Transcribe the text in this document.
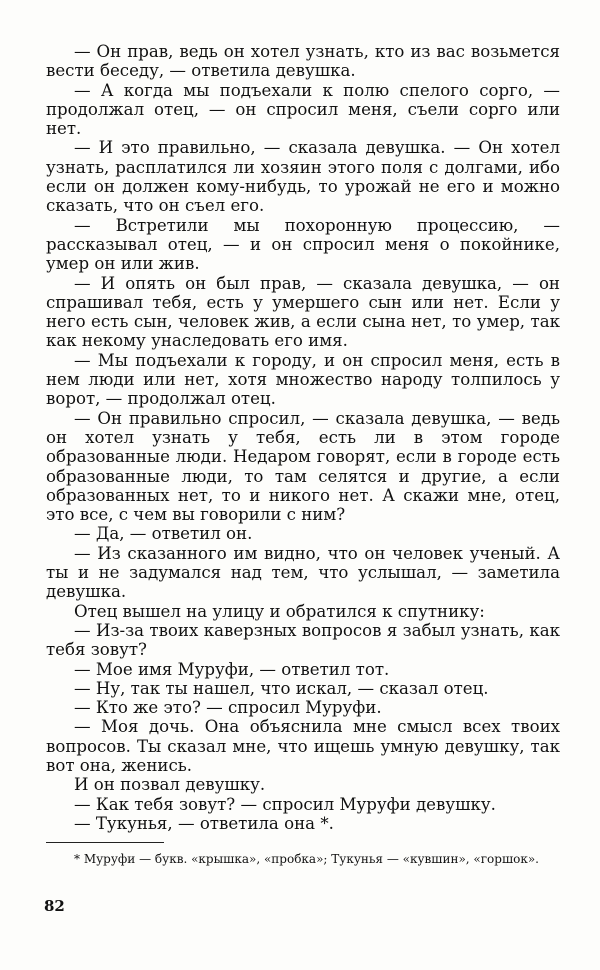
— Он прав, ведь он хотел узнать, кто из вас возьмется вести беседу, — ответила девушка.

— А когда мы подъехали к полю спелого сорго, — продолжал отец, — он спросил меня, съели сорго или нет.

— И это правильно, — сказала девушка. — Он хотел узнать, расплатился ли хозяин этого поля с долгами, ибо если он должен кому-нибудь, то урожай не его и можно сказать, что он съел его.

— Встретили мы похоронную процессию, — рассказывал отец, — и он спросил меня о покойнике, умер он или жив.

— И опять он был прав, — сказала девушка, — он спрашивал тебя, есть у умершего сын или нет. Если у него есть сын, человек жив, а если сына нет, то умер, так как некому унаследовать его имя.

— Мы подъехали к городу, и он спросил меня, есть в нем люди или нет, хотя множество народу толпилось у ворот, — продолжал отец.

— Он правильно спросил, — сказала девушка, — ведь он хотел узнать у тебя, есть ли в этом городе образованные люди. Недаром говорят, если в городе есть образованные люди, то там селятся и другие, а если образованных нет, то и никого нет. А скажи мне, отец, это все, с чем вы говорили с ним?

— Да, — ответил он.

— Из сказанного им видно, что он человек ученый. А ты и не задумался над тем, что услышал, — заметила девушка.

Отец вышел на улицу и обратился к спутнику:

— Из-за твоих каверзных вопросов я забыл узнать, как тебя зовут?

— Мое имя Муруфи, — ответил тот.

— Ну, так ты нашел, что искал, — сказал отец.

— Кто же это? — спросил Муруфи.

— Моя дочь. Она объяснила мне смысл всех твоих вопросов. Ты сказал мне, что ищешь умную девушку, так вот она, женись.

И он позвал девушку.

— Как тебя зовут? — спросил Муруфи девушку.

— Тукунья, — ответила она *.

* Муруфи — букв. «крышка», «пробка»; Тукунья — «кувшин», «горшок».

82
